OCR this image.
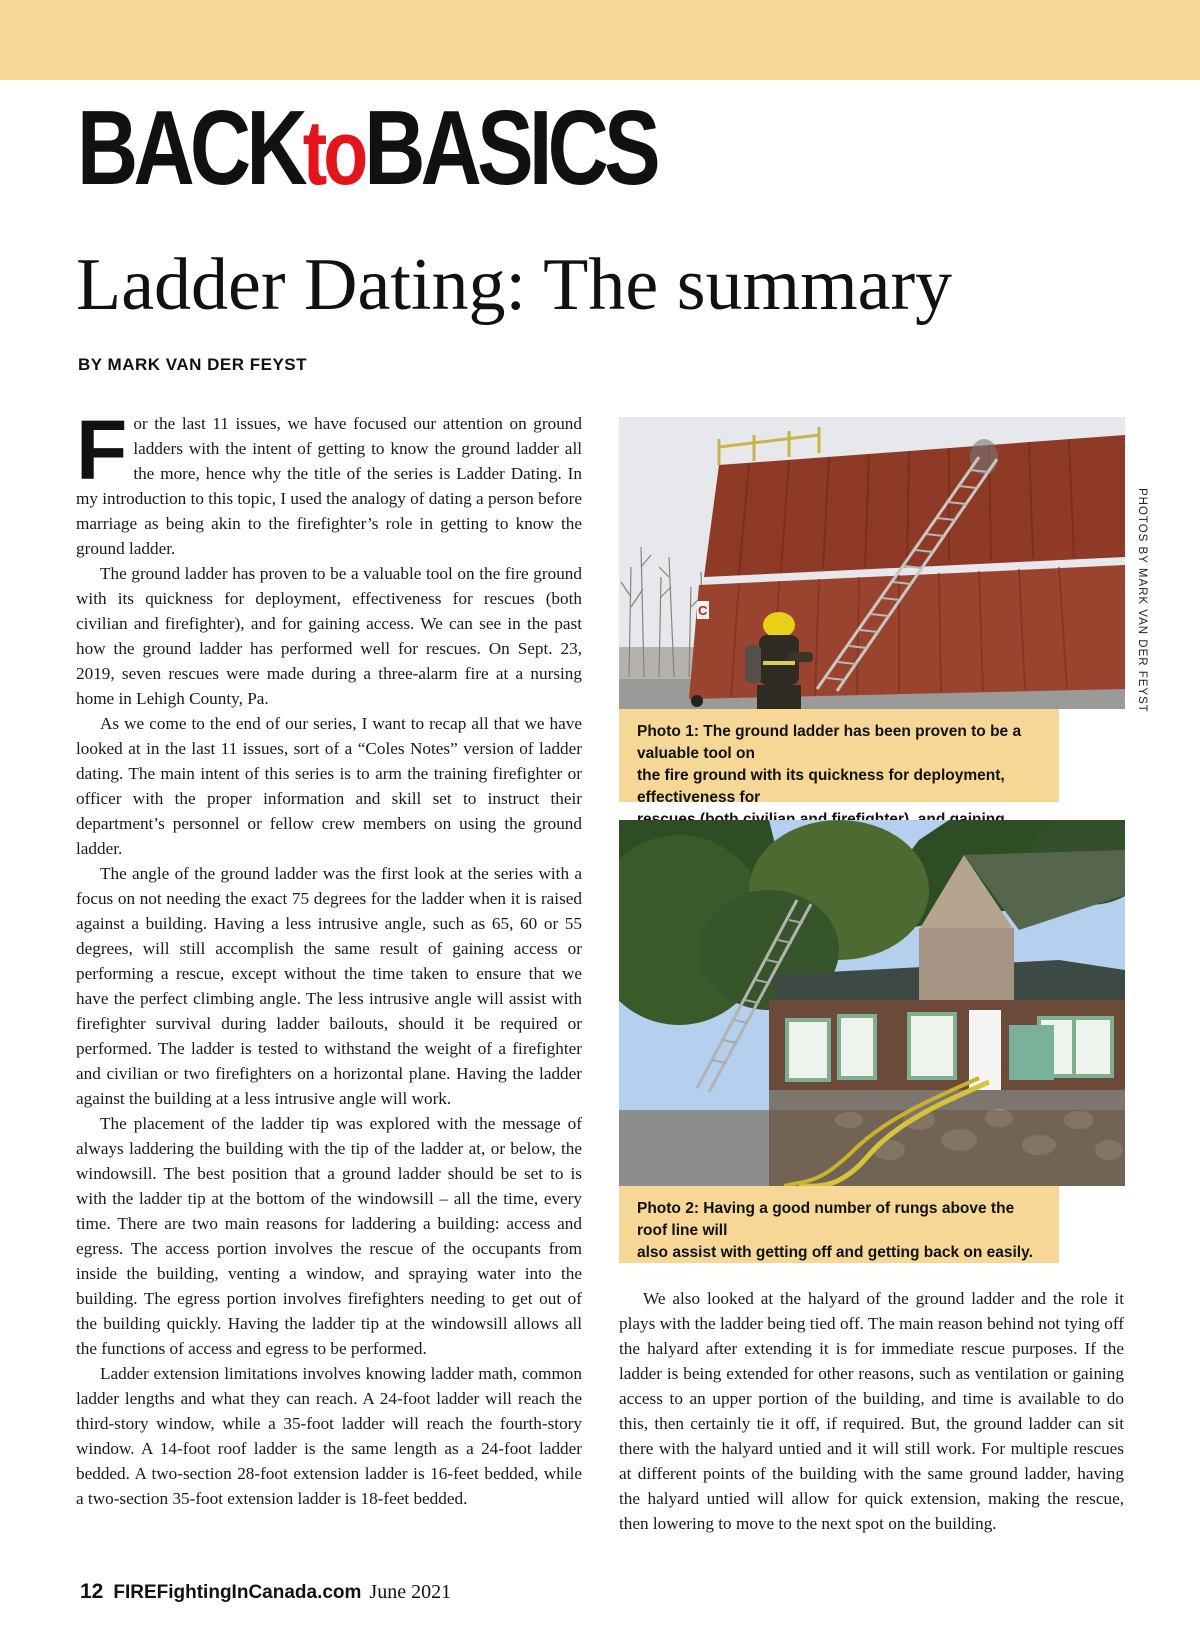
BACKtoBASICS
Ladder Dating: The summary
BY MARK VAN DER FEYST

For the last 11 issues, we have focused our attention on ground ladders with the intent of getting to know the ground ladder all the more, hence why the title of the series is Ladder Dating. In my introduction to this topic, I used the analogy of dating a person before marriage as being akin to the firefighter’s role in getting to know the ground ladder.

The ground ladder has proven to be a valuable tool on the fire ground with its quickness for deployment, effectiveness for rescues (both civilian and firefighter), and for gaining access. We can see in the past how the ground ladder has performed well for rescues. On Sept. 23, 2019, seven rescues were made during a three-alarm fire at a nursing home in Lehigh County, Pa.

As we come to the end of our series, I want to recap all that we have looked at in the last 11 issues, sort of a “Coles Notes” version of ladder dating. The main intent of this series is to arm the training firefighter or officer with the proper information and skill set to instruct their department’s personnel or fellow crew members on using the ground ladder.

The angle of the ground ladder was the first look at the series with a focus on not needing the exact 75 degrees for the ladder when it is raised against a building. Having a less intrusive angle, such as 65, 60 or 55 degrees, will still accomplish the same result of gaining access or performing a rescue, except without the time taken to ensure that we have the perfect climbing angle. The less intrusive angle will assist with firefighter survival during ladder bailouts, should it be required or performed. The ladder is tested to withstand the weight of a firefighter and civilian or two firefighters on a horizontal plane. Having the ladder against the building at a less intrusive angle will work.

The placement of the ladder tip was explored with the message of always laddering the building with the tip of the ladder at, or below, the windowsill. The best position that a ground ladder should be set to is with the ladder tip at the bottom of the windowsill – all the time, every time. There are two main reasons for laddering a building: access and egress. The access portion involves the rescue of the occupants from inside the building, venting a window, and spraying water into the building. The egress portion involves firefighters needing to get out of the building quickly. Having the ladder tip at the windowsill allows all the functions of access and egress to be performed.

Ladder extension limitations involves knowing ladder math, common ladder lengths and what they can reach. A 24-foot ladder will reach the third-story window, while a 35-foot ladder will reach the fourth-story window. A 14-foot roof ladder is the same length as a 24-foot ladder bedded. A two-section 28-foot extension ladder is 16-feet bedded, while a two-section 35-foot extension ladder is 18-feet bedded.

C
Photo 1: The ground ladder has been proven to be a valuable tool on
the fire ground with its quickness for deployment, effectiveness for
Photo 2: Having a good number of rungs above the roof line will
also assist with getting off and getting back on easily.
PHOTOS BY MARK VAN DER FEYST

We also looked at the halyard of the ground ladder and the role it plays with the ladder being tied off. The main reason behind not tying off the halyard after extending it is for immediate rescue purposes. If the ladder is being extended for other reasons, such as ventilation or gaining access to an upper portion of the building, and time is available to do this, then certainly tie it off, if required. But, the ground ladder can sit there with the halyard untied and it will still work. For multiple rescues at different points of the building with the same ground ladder, having the halyard untied will allow for quick extension, making the rescue, then lowering to move to the next spot on the building.

12 FIREFightingInCanada.com June 2021
